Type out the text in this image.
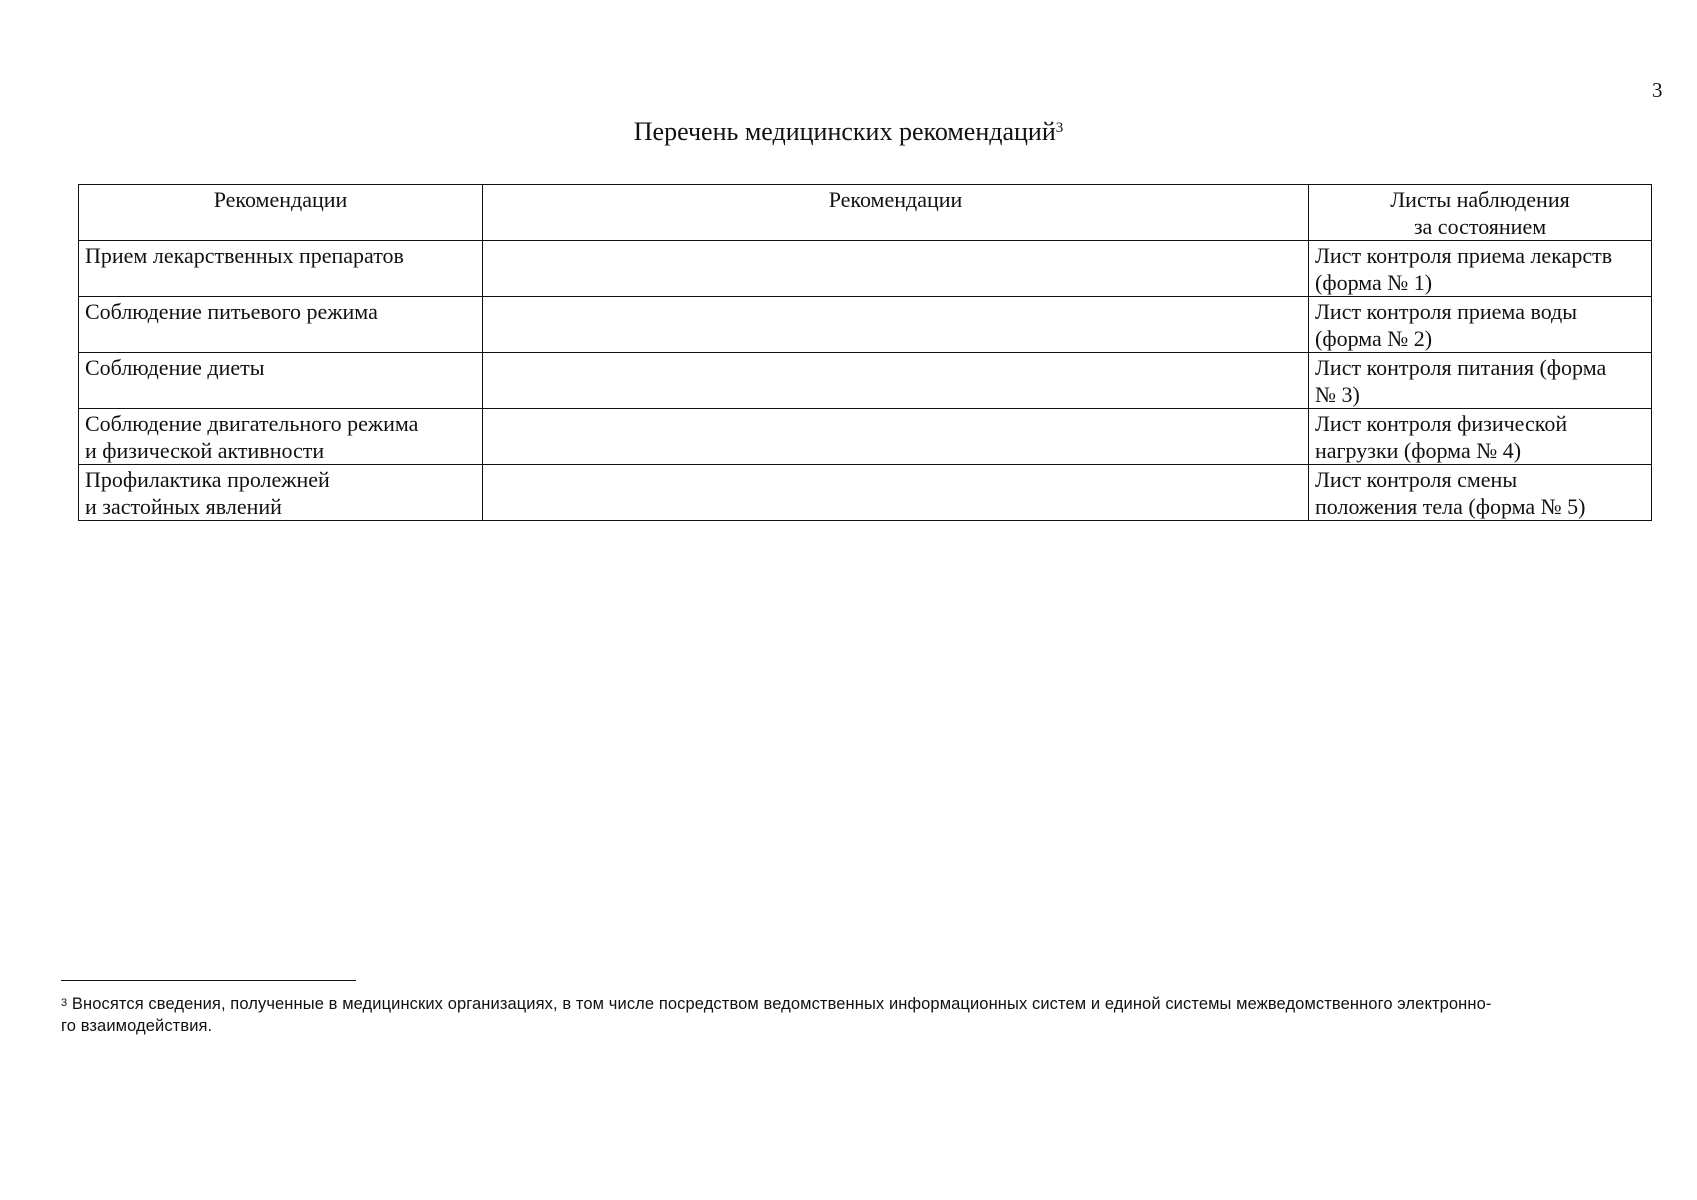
3
Перечень медицинских рекомендаций$^3$
Рекомендации	Рекомендации	Листы наблюдения
за состоянием
Прием лекарственных препаратов		Лист контроля приема лекарств
(форма № 1)
Соблюдение питьевого режима		Лист контроля приема воды
(форма № 2)
Соблюдение диеты		Лист контроля питания (форма
№ 3)
Соблюдение двигательного режима
и физической активности		Лист контроля физической
нагрузки (форма № 4)
Профилактика пролежней
и застойных явлений		Лист контроля смены
положения тела (форма № 5)
$^3$ Вносятся сведения, полученные в медицинских организациях, в том числе посредством ведомственных информационных систем и единой системы межведомственного электронно-
го взаимодействия.
